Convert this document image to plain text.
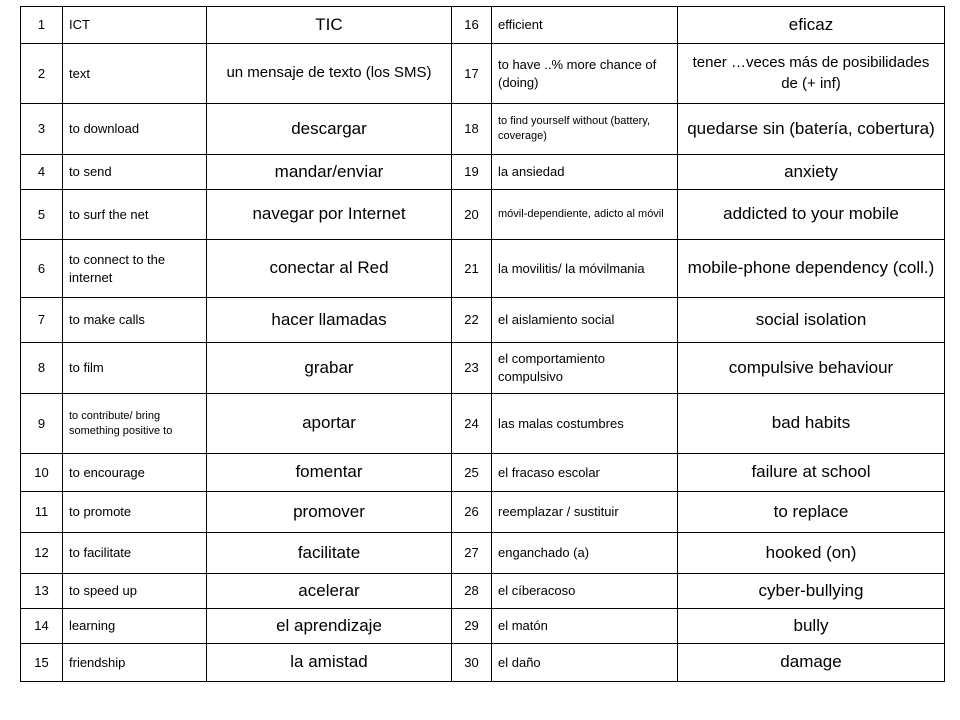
1	ICT	TIC	16	efficient	eficaz
2	text	un mensaje de texto (los SMS)	17	to have ..% more chance of (doing)	tener …veces más de posibilidades de (+ inf)
3	to download	descargar	18	to find yourself without (battery, coverage)	quedarse sin (batería, cobertura)
4	to send	mandar/enviar	19	la ansiedad	anxiety
5	to surf the net	navegar por Internet	20	móvil-dependiente, adicto al móvil	addicted to your mobile
6	to connect to the internet	conectar al Red	21	la movilitis/ la móvilmania	mobile-phone dependency (coll.)
7	to make calls	hacer llamadas	22	el aislamiento social	social isolation
8	to film	grabar	23	el comportamiento compulsivo	compulsive behaviour
9	to contribute/ bring something positive to	aportar	24	las malas costumbres	bad habits
10	to encourage	fomentar	25	el fracaso escolar	failure at school
11	to promote	promover	26	reemplazar / sustituir	to replace
12	to facilitate	facilitate	27	enganchado (a)	hooked (on)
13	to speed up	acelerar	28	el cíberacoso	cyber-bullying
14	learning	el aprendizaje	29	el matón	bully
15	friendship	la amistad	30	el daño	damage
